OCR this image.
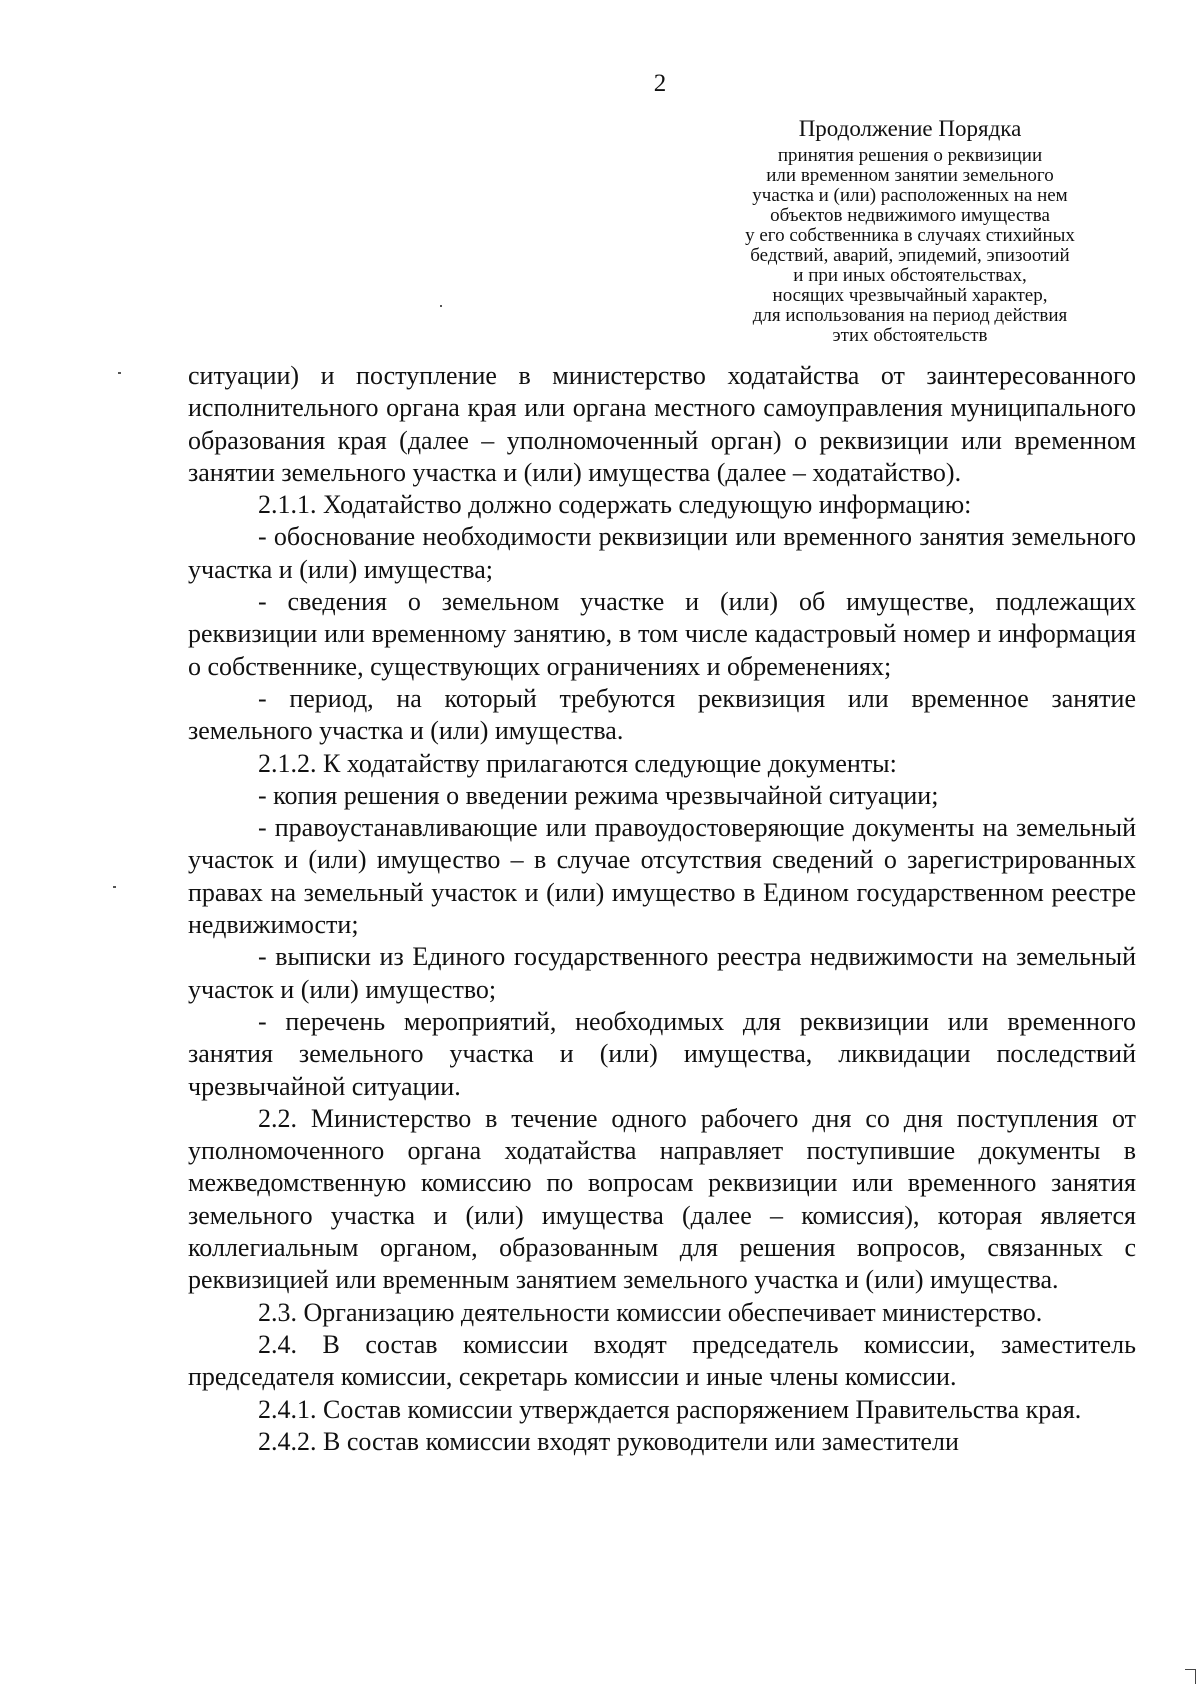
2

Продолжение Порядка

принятия решения о реквизиции

или временном занятии земельного

участка и (или) расположенных на нем

объектов недвижимого имущества

у его собственника в случаях стихийных

бедствий, аварий, эпидемий, эпизоотий

и при иных обстоятельствах,

носящих чрезвычайный характер,

для использования на период действия

этих обстоятельств

ситуации) и поступление в министерство ходатайства от заинтересованного исполнительного органа края или органа местного самоуправления муниципального образования края (далее – уполномоченный орган) о реквизиции или временном занятии земельного участка и (или) имущества (далее – ходатайство).

2.1.1. Ходатайство должно содержать следующую информацию:

- обоснование необходимости реквизиции или временного занятия земельного участка и (или) имущества;

- сведения о земельном участке и (или) об имуществе, подлежащих реквизиции или временному занятию, в том числе кадастровый номер и информация о собственнике, существующих ограничениях и обременениях;

- период, на который требуются реквизиция или временное занятие земельного участка и (или) имущества.

2.1.2. К ходатайству прилагаются следующие документы:

- копия решения о введении режима чрезвычайной ситуации;

- правоустанавливающие или правоудостоверяющие документы на земельный участок и (или) имущество – в случае отсутствия сведений о зарегистрированных правах на земельный участок и (или) имущество в Едином государственном реестре недвижимости;

- выписки из Единого государственного реестра недвижимости на земельный участок и (или) имущество;

- перечень мероприятий, необходимых для реквизиции или временного занятия земельного участка и (или) имущества, ликвидации последствий чрезвычайной ситуации.

2.2. Министерство в течение одного рабочего дня со дня поступления от уполномоченного органа ходатайства направляет поступившие документы в межведомственную комиссию по вопросам реквизиции или временного занятия земельного участка и (или) имущества (далее – комиссия), которая является коллегиальным органом, образованным для решения вопросов, связанных с реквизицией или временным занятием земельного участка и (или) имущества.

2.3. Организацию деятельности комиссии обеспечивает министерство.

2.4. В состав комиссии входят председатель комиссии, заместитель председателя комиссии, секретарь комиссии и иные члены комиссии.

2.4.1. Состав комиссии утверждается распоряжением Правительства края.

2.4.2. В состав комиссии входят руководители или заместители
